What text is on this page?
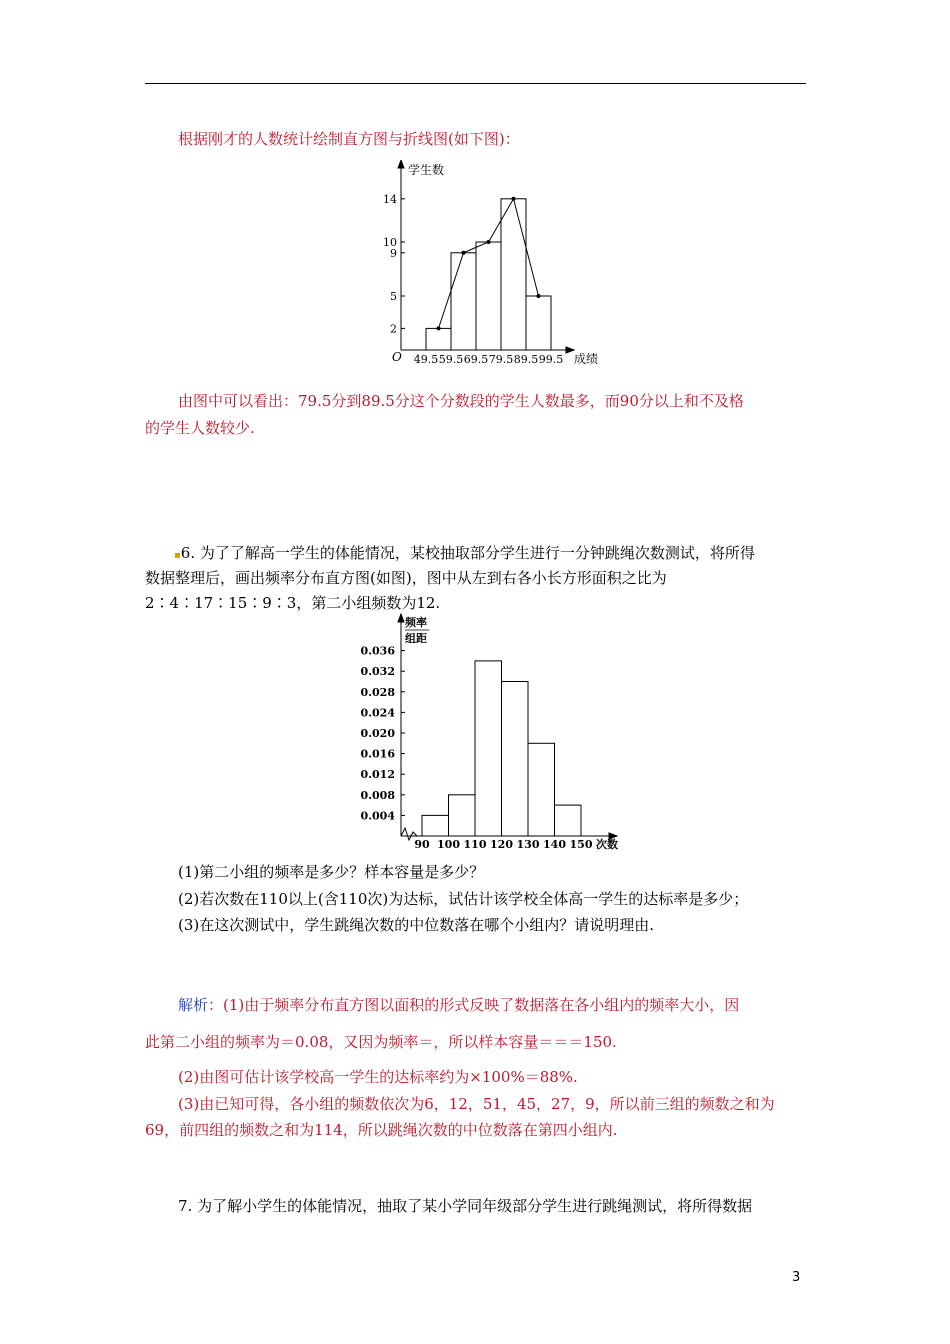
根据刚才的人数统计绘制直方图与折线图(如下图)：
2
5
9
10
14
49.5 59.5 69.5 79.5 89.5 99.5
学生数
成绩
O
由图中可以看出：79.5分到89.5分这个分数段的学生人数最多，而90分以上和不及格
的学生人数较少.
▪6. 为了了解高一学生的体能情况，某校抽取部分学生进行一分钟跳绳次数测试，将所得
数据整理后，画出频率分布直方图(如图)，图中从左到右各小长方形面积之比为
2∶4∶17∶15∶9∶3，第二小组频数为12.
0.004
0.008
0.012
0.016
0.020
0.024
0.028
0.032
0.036
90 100 110 120 130 140 150
频率
组距
次数
(1)第二小组的频率是多少？样本容量是多少？
(2)若次数在110以上(含110次)为达标，试估计该学校全体高一学生的达标率是多少；
(3)在这次测试中，学生跳绳次数的中位数落在哪个小组内？请说明理由.
解析：(1)由于频率分布直方图以面积的形式反映了数据落在各小组内的频率大小，因
此第二小组的频率为＝0.08，又因为频率＝，所以样本容量＝＝＝150.
(2)由图可估计该学校高一学生的达标率约为×100%＝88%.
(3)由已知可得，各小组的频数依次为6，12，51，45，27，9，所以前三组的频数之和为
69，前四组的频数之和为114，所以跳绳次数的中位数落在第四小组内.
7. 为了解小学生的体能情况，抽取了某小学同年级部分学生进行跳绳测试，将所得数据
3
